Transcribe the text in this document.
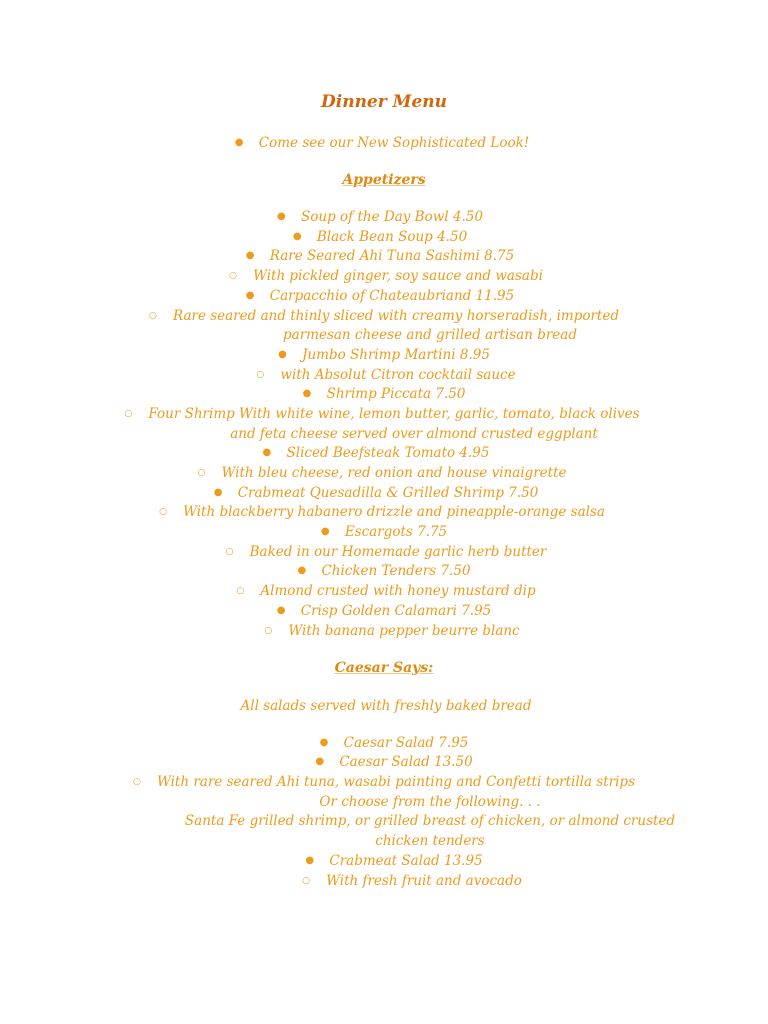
Dinner Menu
● Come see our New Sophisticated Look!
Appetizers
● Soup of the Day Bowl 4.50
● Black Bean Soup 4.50
● Rare Seared Ahi Tuna Sashimi 8.75
○ With pickled ginger, soy sauce and wasabi
● Carpacchio of Chateaubriand 11.95
○ Rare seared and thinly sliced with creamy horseradish, imported
parmesan cheese and grilled artisan bread
● Jumbo Shrimp Martini 8.95
○ with Absolut Citron cocktail sauce
● Shrimp Piccata 7.50
○ Four Shrimp With white wine, lemon butter, garlic, tomato, black olives
and feta cheese served over almond crusted eggplant
● Sliced Beefsteak Tomato 4.95
○ With bleu cheese, red onion and house vinaigrette
● Crabmeat Quesadilla & Grilled Shrimp 7.50
○ With blackberry habanero drizzle and pineapple-orange salsa
● Escargots 7.75
○ Baked in our Homemade garlic herb butter
● Chicken Tenders 7.50
○ Almond crusted with honey mustard dip
● Crisp Golden Calamari 7.95
○ With banana pepper beurre blanc
Caesar Says:
All salads served with freshly baked bread
● Caesar Salad 7.95
● Caesar Salad 13.50
○ With rare seared Ahi tuna, wasabi painting and Confetti tortilla strips
Or choose from the following. . .
Santa Fe grilled shrimp, or grilled breast of chicken, or almond crusted
chicken tenders
● Crabmeat Salad 13.95
○ With fresh fruit and avocado
